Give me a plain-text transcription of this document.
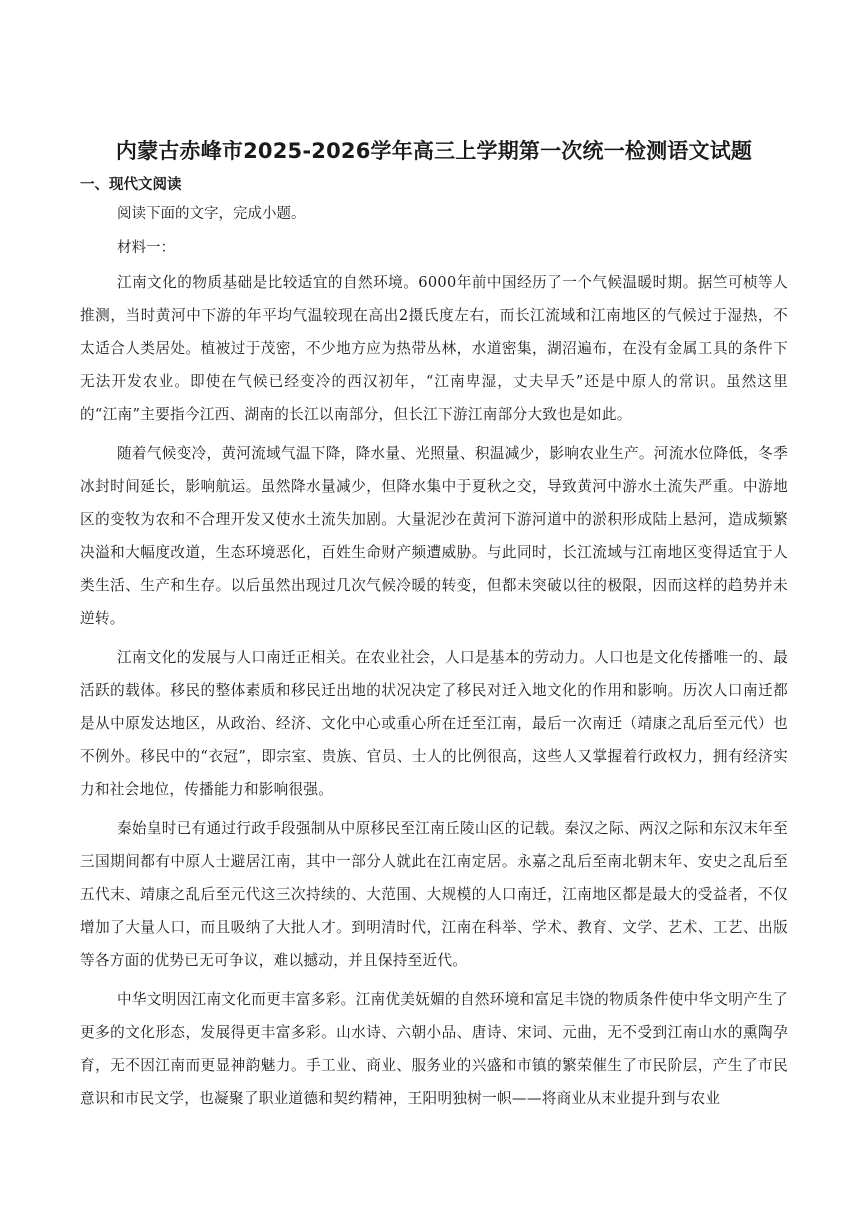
内蒙古赤峰市2025-2026学年高三上学期第一次统一检测语文试题
一、现代文阅读
阅读下面的文字，完成小题。
材料一：

江南文化的物质基础是比较适宜的自然环境。6000年前中国经历了一个气候温暖时期。据竺可桢等人推测，当时黄河中下游的年平均气温较现在高出2摄氏度左右，而长江流域和江南地区的气候过于湿热，不太适合人类居处。植被过于茂密，不少地方应为热带丛林，水道密集，湖沼遍布，在没有金属工具的条件下无法开发农业。即使在气候已经变冷的西汉初年，“江南卑湿，丈夫早夭”还是中原人的常识。虽然这里的“江南”主要指今江西、湖南的长江以南部分，但长江下游江南部分大致也是如此。

随着气候变冷，黄河流域气温下降，降水量、光照量、积温减少，影响农业生产。河流水位降低，冬季冰封时间延长，影响航运。虽然降水量减少，但降水集中于夏秋之交，导致黄河中游水土流失严重。中游地区的变牧为农和不合理开发又使水土流失加剧。大量泥沙在黄河下游河道中的淤积形成陆上悬河，造成频繁决溢和大幅度改道，生态环境恶化，百姓生命财产频遭威胁。与此同时，长江流域与江南地区变得适宜于人类生活、生产和生存。以后虽然出现过几次气候冷暖的转变，但都未突破以往的极限，因而这样的趋势并未逆转。

江南文化的发展与人口南迁正相关。在农业社会，人口是基本的劳动力。人口也是文化传播唯一的、最活跃的载体。移民的整体素质和移民迁出地的状况决定了移民对迁入地文化的作用和影响。历次人口南迁都是从中原发达地区，从政治、经济、文化中心或重心所在迁至江南，最后一次南迁（靖康之乱后至元代）也不例外。移民中的“衣冠”，即宗室、贵族、官员、士人的比例很高，这些人又掌握着行政权力，拥有经济实力和社会地位，传播能力和影响很强。

秦始皇时已有通过行政手段强制从中原移民至江南丘陵山区的记载。秦汉之际、两汉之际和东汉末年至三国期间都有中原人士避居江南，其中一部分人就此在江南定居。永嘉之乱后至南北朝末年、安史之乱后至五代末、靖康之乱后至元代这三次持续的、大范围、大规模的人口南迁，江南地区都是最大的受益者，不仅增加了大量人口，而且吸纳了大批人才。到明清时代，江南在科举、学术、教育、文学、艺术、工艺、出版等各方面的优势已无可争议，难以撼动，并且保持至近代。

中华文明因江南文化而更丰富多彩。江南优美妩媚的自然环境和富足丰饶的物质条件使中华文明产生了更多的文化形态，发展得更丰富多彩。山水诗、六朝小品、唐诗、宋词、元曲，无不受到江南山水的熏陶孕育，无不因江南而更显神韵魅力。手工业、商业、服务业的兴盛和市镇的繁荣催生了市民阶层，产生了市民意识和市民文学，也凝聚了职业道德和契约精神，王阳明独树一帜——将商业从末业提升到与农业
